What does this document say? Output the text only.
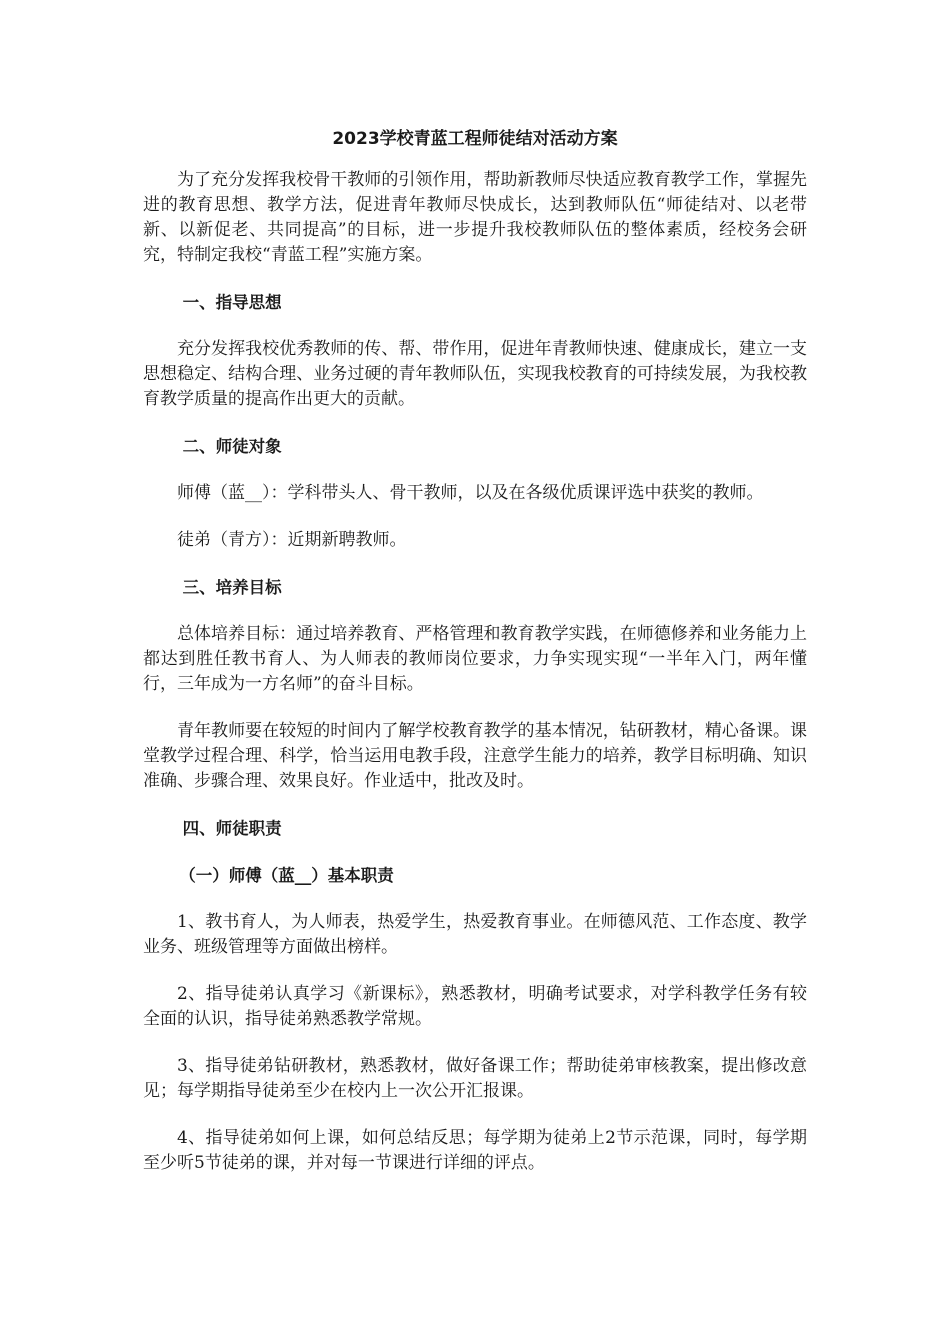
2023学校青蓝工程师徒结对活动方案

为了充分发挥我校骨干教师的引领作用，帮助新教师尽快适应教育教学工作，掌握先进的教育思想、教学方法，促进青年教师尽快成长，达到教师队伍“师徒结对、以老带新、以新促老、共同提高”的目标，进一步提升我校教师队伍的整体素质，经校务会研究，特制定我校“青蓝工程”实施方案。

一、指导思想

充分发挥我校优秀教师的传、帮、带作用，促进年青教师快速、健康成长，建立一支思想稳定、结构合理、业务过硬的青年教师队伍，实现我校教育的可持续发展，为我校教育教学质量的提高作出更大的贡献。

二、师徒对象

师傅（蓝__）：学科带头人、骨干教师，以及在各级优质课评选中获奖的教师。

徒弟（青方）：近期新聘教师。

三、培养目标

总体培养目标：通过培养教育、严格管理和教育教学实践，在师德修养和业务能力上都达到胜任教书育人、为人师表的教师岗位要求，力争实现实现“一半年入门，两年懂行，三年成为一方名师”的奋斗目标。

青年教师要在较短的时间内了解学校教育教学的基本情况，钻研教材，精心备课。课堂教学过程合理、科学，恰当运用电教手段，注意学生能力的培养，教学目标明确、知识准确、步骤合理、效果良好。作业适中，批改及时。

四、师徒职责
（一）师傅（蓝__）基本职责

1、教书育人，为人师表，热爱学生，热爱教育事业。在师德风范、工作态度、教学业务、班级管理等方面做出榜样。

2、指导徒弟认真学习《新课标》，熟悉教材，明确考试要求，对学科教学任务有较全面的认识，指导徒弟熟悉教学常规。

3、指导徒弟钻研教材，熟悉教材，做好备课工作；帮助徒弟审核教案，提出修改意见；每学期指导徒弟至少在校内上一次公开汇报课。

4、指导徒弟如何上课，如何总结反思；每学期为徒弟上2节示范课，同时，每学期至少听5节徒弟的课，并对每一节课进行详细的评点。
